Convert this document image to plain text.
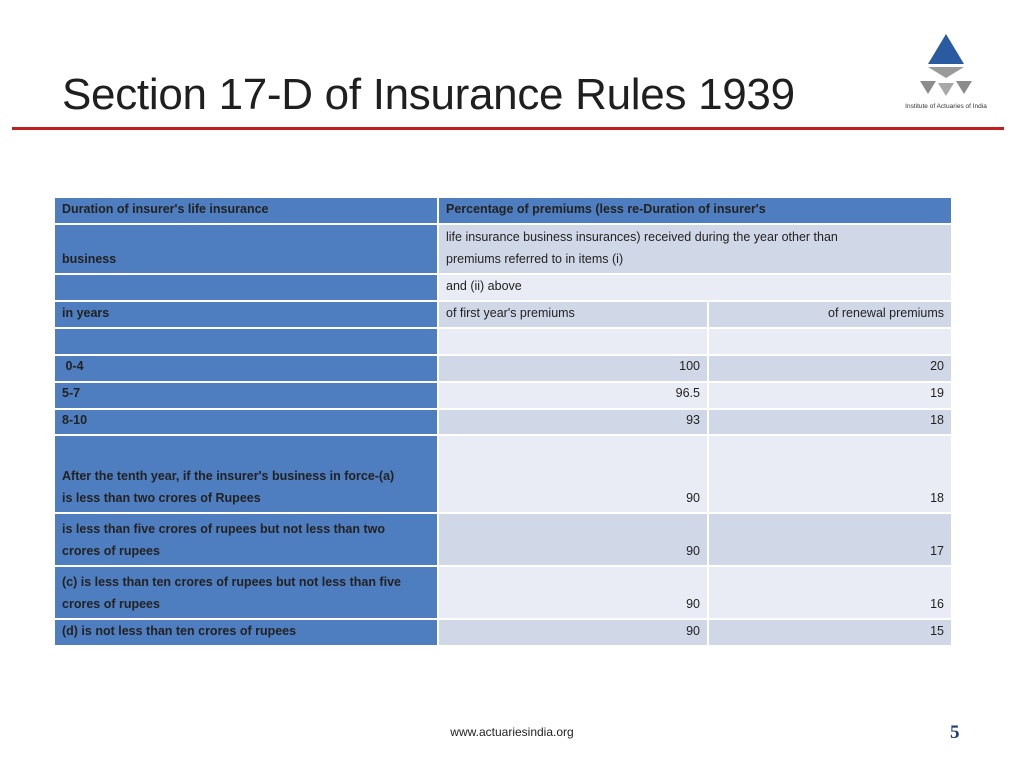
Section 17-D of Insurance Rules 1939	Institute of Actuaries of India
Duration of insurer's life insurance	Percentage of premiums (less re-Duration of insurer's	
business	life insurance business insurances) received during the year other than
premiums referred to in items (i)	

	and (ii) above	
in years	of first year's premiums	of renewal premiums

0-4	100	20
5-7	96.5	19
8-10	93	18

After the tenth year, if the insurer's business in force-(a)
is less than two crores of Rupees	90	18

is less than five crores of rupees but not less than two
crores of rupees	90	17

(c) is less than ten crores of rupees but not less than five
crores of rupees	90	16
(d) is not less than ten crores of rupees	90	15
www.actuariesindia.org	5
